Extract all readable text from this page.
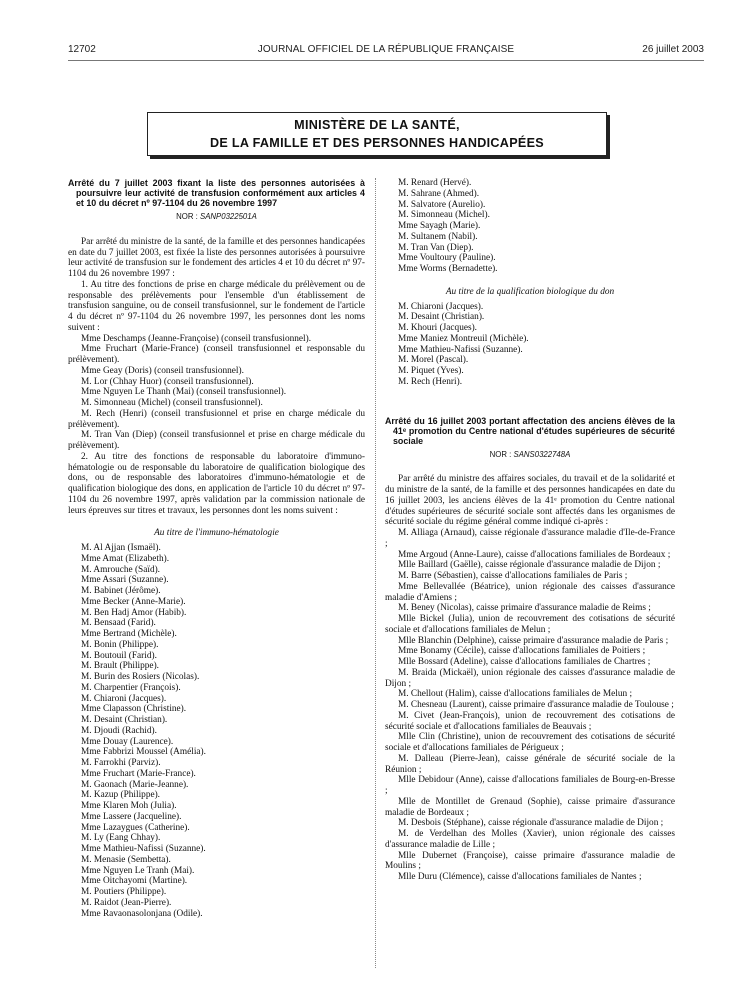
12702	JOURNAL OFFICIEL DE LA RÉPUBLIQUE FRANÇAISE	26 juillet 2003
MINISTÈRE DE LA SANTÉ,
DE LA FAMILLE ET DES PERSONNES HANDICAPÉES

Arrêté du 7 juillet 2003 fixant la liste des personnes autorisées à poursuivre leur activité de transfusion conformément aux articles 4 et 10 du décret nº 97-1104 du 26 novembre 1997

NOR : SANP0322501A

Par arrêté du ministre de la santé, de la famille et des personnes handicapées en date du 7 juillet 2003, est fixée la liste des personnes autorisées à poursuivre leur activité de transfusion sur le fondement des articles 4 et 10 du décret nº 97-1104 du 26 novembre 1997 :

1. Au titre des fonctions de prise en charge médicale du prélèvement ou de responsable des prélèvements pour l'ensemble d'un établissement de transfusion sanguine, ou de conseil transfusionnel, sur le fondement de l'article 4 du décret nº 97-1104 du 26 novembre 1997, les personnes dont les noms suivent :

Mme Deschamps (Jeanne-Françoise) (conseil transfusionnel).

Mme Fruchart (Marie-France) (conseil transfusionnel et responsable du prélèvement).

Mme Geay (Doris) (conseil transfusionnel).

M. Lor (Chhay Huor) (conseil transfusionnel).

Mme Nguyen Le Thanh (Mai) (conseil transfusionnel).

M. Simonneau (Michel) (conseil transfusionnel).

M. Rech (Henri) (conseil transfusionnel et prise en charge médicale du prélèvement).

M. Tran Van (Diep) (conseil transfusionnel et prise en charge médicale du prélèvement).

2. Au titre des fonctions de responsable du laboratoire d'immuno-hématologie ou de responsable du laboratoire de qualification biologique des dons, ou de responsable des laboratoires d'immuno-hématologie et de qualification biologique des dons, en application de l'article 10 du décret nº 97-1104 du 26 novembre 1997, après validation par la commission nationale de leurs épreuves sur titres et travaux, les personnes dont les noms suivent :

Au titre de l'immuno-hématologie

M. Al Ajjan (Ismaël).

Mme Amat (Elizabeth).

M. Amrouche (Saïd).

Mme Assari (Suzanne).

M. Babinet (Jérôme).

Mme Becker (Anne-Marie).

M. Ben Hadj Amor (Habib).

M. Bensaad (Farid).

Mme Bertrand (Michèle).

M. Bonin (Philippe).

M. Boutouil (Farid).

M. Brault (Philippe).

M. Burin des Rosiers (Nicolas).

M. Charpentier (François).

M. Chiaroni (Jacques).

Mme Clapasson (Christine).

M. Desaint (Christian).

M. Djoudi (Rachid).

Mme Douay (Laurence).

Mme Fabbrizi Moussel (Amélia).

M. Farrokhi (Parviz).

Mme Fruchart (Marie-France).

M. Gaonach (Marie-Jeanne).

M. Kazup (Philippe).

Mme Klaren Moh (Julia).

Mme Lassere (Jacqueline).

Mme Lazaygues (Catherine).

M. Ly (Eang Chhay).

Mme Mathieu-Nafissi (Suzanne).

M. Menasie (Sembetta).

Mme Nguyen Le Tranh (Mai).

Mme Oitchayomi (Martine).

M. Poutiers (Philippe).

M. Raidot (Jean-Pierre).

Mme Ravaonasolonjana (Odile).

M. Renard (Hervé).

M. Sahrane (Ahmed).

M. Salvatore (Aurelio).

M. Simonneau (Michel).

Mme Sayagh (Marie).

M. Sultanem (Nabil).

M. Tran Van (Diep).

Mme Voultoury (Pauline).

Mme Worms (Bernadette).

Au titre de la qualification biologique du don

M. Chiaroni (Jacques).

M. Desaint (Christian).

M. Khouri (Jacques).

Mme Maniez Montreuil (Michèle).

Mme Mathieu-Nafissi (Suzanne).

M. Morel (Pascal).

M. Piquet (Yves).

M. Rech (Henri).

Arrêté du 16 juillet 2003 portant affectation des anciens élèves de la 41ᵉ promotion du Centre national d'études supérieures de sécurité sociale

NOR : SANS0322748A

Par arrêté du ministre des affaires sociales, du travail et de la solidarité et du ministre de la santé, de la famille et des personnes handicapées en date du 16 juillet 2003, les anciens élèves de la 41ᵉ promotion du Centre national d'études supérieures de sécurité sociale sont affectés dans les organismes de sécurité sociale du régime général comme indiqué ci-après :

M. Alliaga (Arnaud), caisse régionale d'assurance maladie d'Ile-de-France ;

Mme Argoud (Anne-Laure), caisse d'allocations familiales de Bordeaux ;

Mlle Baillard (Gaëlle), caisse régionale d'assurance maladie de Dijon ;

M. Barre (Sébastien), caisse d'allocations familiales de Paris ;

Mme Bellevallée (Béatrice), union régionale des caisses d'assurance maladie d'Amiens ;

M. Beney (Nicolas), caisse primaire d'assurance maladie de Reims ;

Mlle Bickel (Julia), union de recouvrement des cotisations de sécurité sociale et d'allocations familiales de Melun ;

Mlle Blanchin (Delphine), caisse primaire d'assurance maladie de Paris ;

Mme Bonamy (Cécile), caisse d'allocations familiales de Poitiers ;

Mlle Bossard (Adeline), caisse d'allocations familiales de Chartres ;

M. Braida (Mickaël), union régionale des caisses d'assurance maladie de Dijon ;

M. Chellout (Halim), caisse d'allocations familiales de Melun ;

M. Chesneau (Laurent), caisse primaire d'assurance maladie de Toulouse ;

M. Civet (Jean-François), union de recouvrement des cotisations de sécurité sociale et d'allocations familiales de Beauvais ;

Mlle Clin (Christine), union de recouvrement des cotisations de sécurité sociale et d'allocations familiales de Périgueux ;

M. Dalleau (Pierre-Jean), caisse générale de sécurité sociale de la Réunion ;

Mlle Debidour (Anne), caisse d'allocations familiales de Bourg-en-Bresse ;

Mlle de Montillet de Grenaud (Sophie), caisse primaire d'assurance maladie de Bordeaux ;

M. Desbois (Stéphane), caisse régionale d'assurance maladie de Dijon ;

M. de Verdelhan des Molles (Xavier), union régionale des caisses d'assurance maladie de Lille ;

Mlle Dubernet (Françoise), caisse primaire d'assurance maladie de Moulins ;

Mlle Duru (Clémence), caisse d'allocations familiales de Nantes ;
